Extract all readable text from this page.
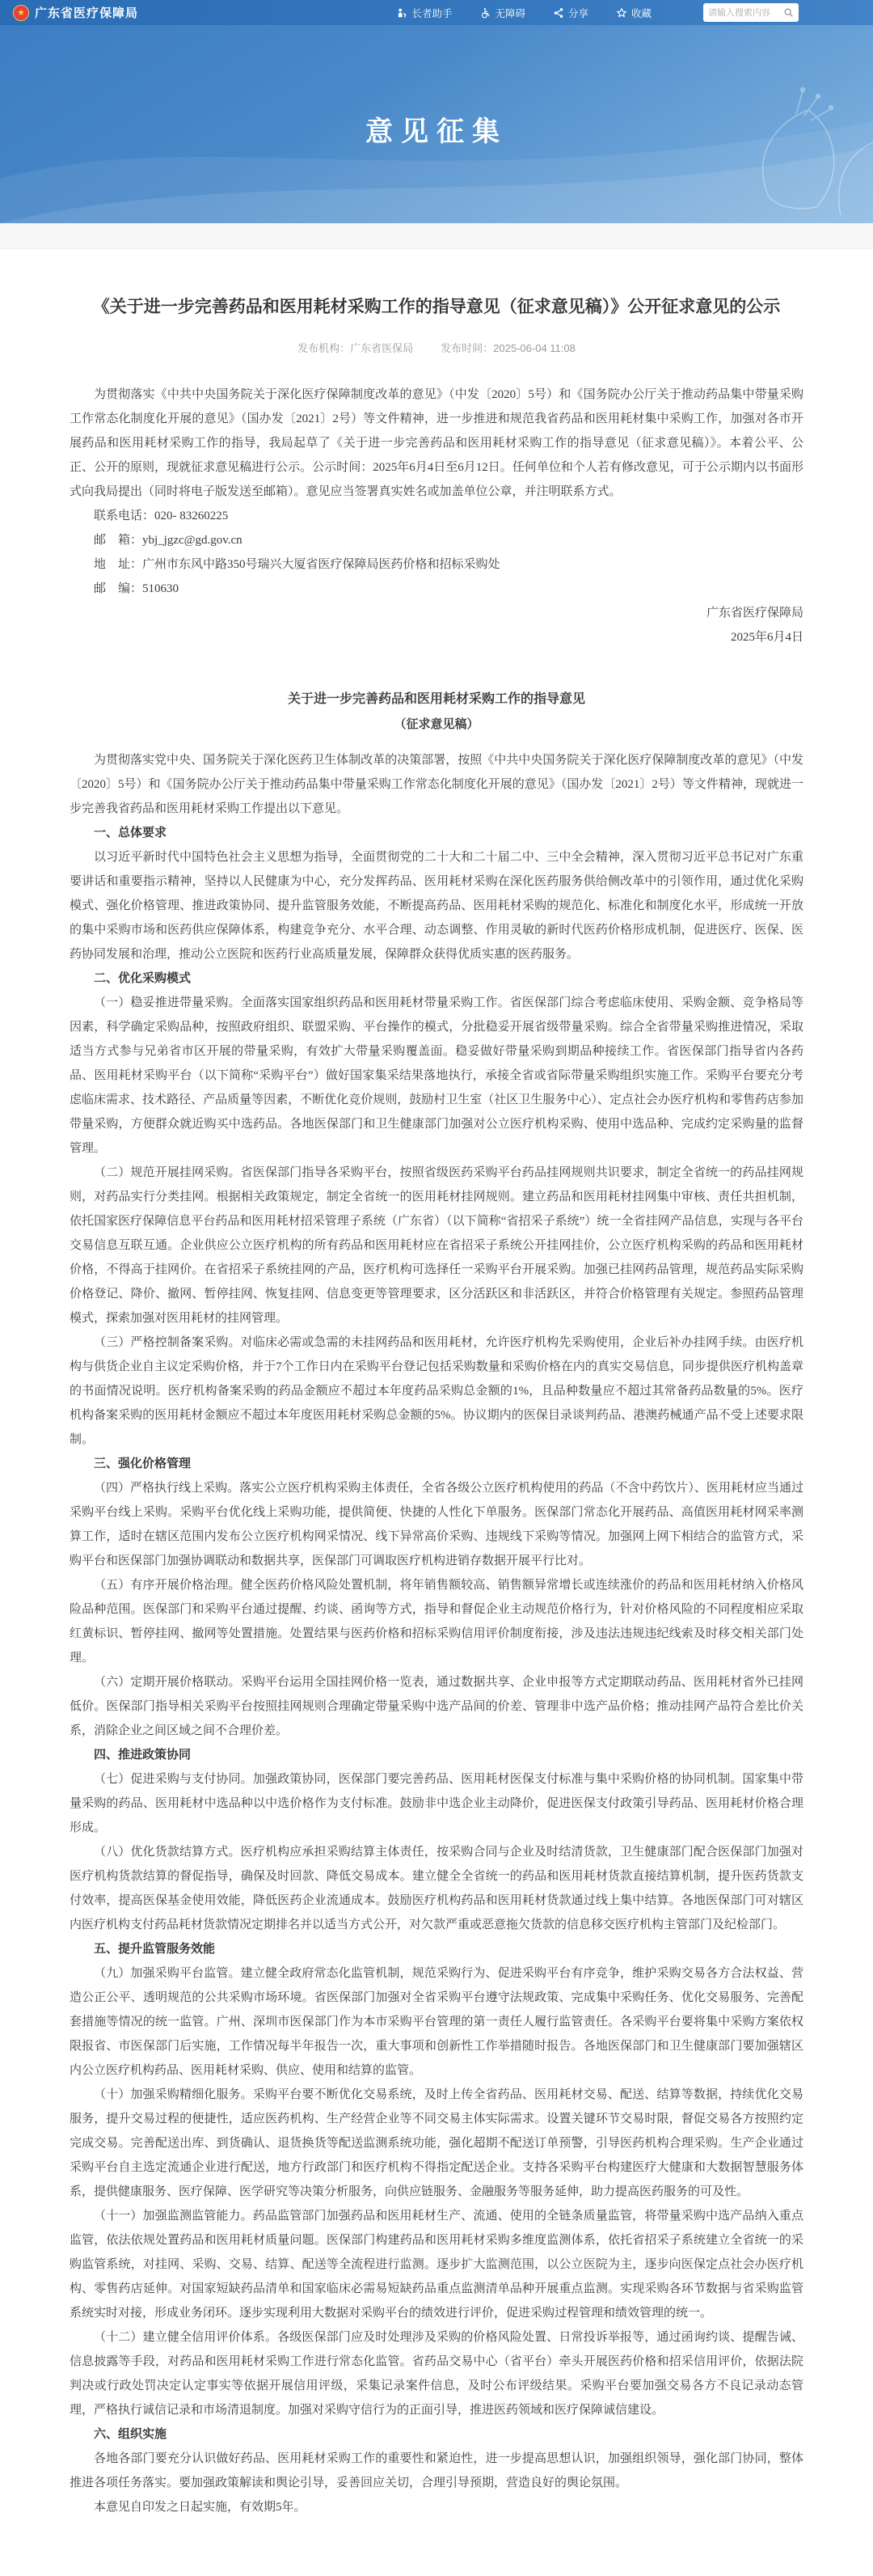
★ 广东省医疗保障局	长者助手	无障碍	分享	收藏
请输入搜索内容
意见征集
《关于进一步完善药品和医用耗材采购工作的指导意见（征求意见稿）》公开征求意见的公示
发布机构：广东省医保局	发布时间：2025-06-04 11:08

为贯彻落实《中共中央国务院关于深化医疗保障制度改革的意见》（中发〔2020〕5号）和《国务院办公厅关于推动药品集中带量采购工作常态化制度化开展的意见》（国办发〔2021〕2号）等文件精神，进一步推进和规范我省药品和医用耗材集中采购工作，加强对各市开展药品和医用耗材采购工作的指导，我局起草了《关于进一步完善药品和医用耗材采购工作的指导意见（征求意见稿）》。本着公平、公正、公开的原则，现就征求意见稿进行公示。公示时间：2025年6月4日至6月12日。任何单位和个人若有修改意见，可于公示期内以书面形式向我局提出（同时将电子版发送至邮箱）。意见应当签署真实姓名或加盖单位公章，并注明联系方式。

联系电话：020- 83260225

邮　箱：ybj_jgzc@gd.gov.cn

地　址：广州市东风中路350号瑞兴大厦省医疗保障局医药价格和招标采购处

邮　编：510630

广东省医疗保障局

2025年6月4日

关于进一步完善药品和医用耗材采购工作的指导意见

（征求意见稿）

为贯彻落实党中央、国务院关于深化医药卫生体制改革的决策部署，按照《中共中央国务院关于深化医疗保障制度改革的意见》（中发〔2020〕5号）和《国务院办公厅关于推动药品集中带量采购工作常态化制度化开展的意见》（国办发〔2021〕2号）等文件精神，现就进一步完善我省药品和医用耗材采购工作提出以下意见。

一、总体要求

以习近平新时代中国特色社会主义思想为指导，全面贯彻党的二十大和二十届二中、三中全会精神，深入贯彻习近平总书记对广东重要讲话和重要指示精神，坚持以人民健康为中心，充分发挥药品、医用耗材采购在深化医药服务供给侧改革中的引领作用，通过优化采购模式、强化价格管理、推进政策协同、提升监管服务效能，不断提高药品、医用耗材采购的规范化、标准化和制度化水平，形成统一开放的集中采购市场和医药供应保障体系，构建竞争充分、水平合理、动态调整、作用灵敏的新时代医药价格形成机制，促进医疗、医保、医药协同发展和治理，推动公立医院和医药行业高质量发展，保障群众获得优质实惠的医药服务。

二、优化采购模式

（一）稳妥推进带量采购。全面落实国家组织药品和医用耗材带量采购工作。省医保部门综合考虑临床使用、采购金额、竞争格局等因素，科学确定采购品种，按照政府组织、联盟采购、平台操作的模式，分批稳妥开展省级带量采购。综合全省带量采购推进情况，采取适当方式参与兄弟省市区开展的带量采购，有效扩大带量采购覆盖面。稳妥做好带量采购到期品种接续工作。省医保部门指导省内各药品、医用耗材采购平台（以下简称“采购平台”）做好国家集采结果落地执行，承接全省或省际带量采购组织实施工作。采购平台要充分考虑临床需求、技术路径、产品质量等因素，不断优化竞价规则，鼓励村卫生室（社区卫生服务中心）、定点社会办医疗机构和零售药店参加带量采购，方便群众就近购买中选药品。各地医保部门和卫生健康部门加强对公立医疗机构采购、使用中选品种、完成约定采购量的监督管理。

（二）规范开展挂网采购。省医保部门指导各采购平台，按照省级医药采购平台药品挂网规则共识要求，制定全省统一的药品挂网规则，对药品实行分类挂网。根据相关政策规定，制定全省统一的医用耗材挂网规则。建立药品和医用耗材挂网集中审核、责任共担机制，依托国家医疗保障信息平台药品和医用耗材招采管理子系统（广东省）（以下简称“省招采子系统”）统一全省挂网产品信息，实现与各平台交易信息互联互通。企业供应公立医疗机构的所有药品和医用耗材应在省招采子系统公开挂网挂价，公立医疗机构采购的药品和医用耗材价格，不得高于挂网价。在省招采子系统挂网的产品，医疗机构可选择任一采购平台开展采购。加强已挂网药品管理，规范药品实际采购价格登记、降价、撤网、暂停挂网、恢复挂网、信息变更等管理要求，区分活跃区和非活跃区，并符合价格管理有关规定。参照药品管理模式，探索加强对医用耗材的挂网管理。

（三）严格控制备案采购。对临床必需或急需的未挂网药品和医用耗材，允许医疗机构先采购使用，企业后补办挂网手续。由医疗机构与供货企业自主议定采购价格，并于7个工作日内在采购平台登记包括采购数量和采购价格在内的真实交易信息，同步提供医疗机构盖章的书面情况说明。医疗机构备案采购的药品金额应不超过本年度药品采购总金额的1%，且品种数量应不超过其常备药品数量的5%。医疗机构备案采购的医用耗材金额应不超过本年度医用耗材采购总金额的5%。协议期内的医保目录谈判药品、港澳药械通产品不受上述要求限制。

三、强化价格管理

（四）严格执行线上采购。落实公立医疗机构采购主体责任，全省各级公立医疗机构使用的药品（不含中药饮片）、医用耗材应当通过采购平台线上采购。采购平台优化线上采购功能，提供简便、快捷的人性化下单服务。医保部门常态化开展药品、高值医用耗材网采率测算工作，适时在辖区范围内发布公立医疗机构网采情况、线下异常高价采购、违规线下采购等情况。加强网上网下相结合的监管方式，采购平台和医保部门加强协调联动和数据共享，医保部门可调取医疗机构进销存数据开展平行比对。

（五）有序开展价格治理。健全医药价格风险处置机制，将年销售额较高、销售额异常增长或连续涨价的药品和医用耗材纳入价格风险品种范围。医保部门和采购平台通过提醒、约谈、函询等方式，指导和督促企业主动规范价格行为，针对价格风险的不同程度相应采取红黄标识、暂停挂网、撤网等处置措施。处置结果与医药价格和招标采购信用评价制度衔接，涉及违法违规违纪线索及时移交相关部门处理。

（六）定期开展价格联动。采购平台运用全国挂网价格一览表，通过数据共享、企业申报等方式定期联动药品、医用耗材省外已挂网低价。医保部门指导相关采购平台按照挂网规则合理确定带量采购中选产品间的价差、管理非中选产品价格；推动挂网产品符合差比价关系，消除企业之间区域之间不合理价差。

四、推进政策协同

（七）促进采购与支付协同。加强政策协同，医保部门要完善药品、医用耗材医保支付标准与集中采购价格的协同机制。国家集中带量采购的药品、医用耗材中选品种以中选价格作为支付标准。鼓励非中选企业主动降价，促进医保支付政策引导药品、医用耗材价格合理形成。

（八）优化货款结算方式。医疗机构应承担采购结算主体责任，按采购合同与企业及时结清货款，卫生健康部门配合医保部门加强对医疗机构货款结算的督促指导，确保及时回款、降低交易成本。建立健全全省统一的药品和医用耗材货款直接结算机制，提升医药货款支付效率，提高医保基金使用效能，降低医药企业流通成本。鼓励医疗机构药品和医用耗材货款通过线上集中结算。各地医保部门可对辖区内医疗机构支付药品耗材货款情况定期排名并以适当方式公开，对欠款严重或恶意拖欠货款的信息移交医疗机构主管部门及纪检部门。

五、提升监管服务效能

（九）加强采购平台监管。建立健全政府常态化监管机制，规范采购行为、促进采购平台有序竞争，维护采购交易各方合法权益、营造公正公平、透明规范的公共采购市场环境。省医保部门加强对全省采购平台遵守法规政策、完成集中采购任务、优化交易服务、完善配套措施等情况的统一监管。广州、深圳市医保部门作为本市采购平台管理的第一责任人履行监管责任。各采购平台要将集中采购方案依权限报省、市医保部门后实施，工作情况每半年报告一次，重大事项和创新性工作举措随时报告。各地医保部门和卫生健康部门要加强辖区内公立医疗机构药品、医用耗材采购、供应、使用和结算的监管。

（十）加强采购精细化服务。采购平台要不断优化交易系统，及时上传全省药品、医用耗材交易、配送、结算等数据，持续优化交易服务，提升交易过程的便捷性，适应医药机构、生产经营企业等不同交易主体实际需求。设置关键环节交易时限，督促交易各方按照约定完成交易。完善配送出库、到货确认、退货换货等配送监测系统功能，强化超期不配送订单预警，引导医药机构合理采购。生产企业通过采购平台自主选定流通企业进行配送，地方行政部门和医疗机构不得指定配送企业。支持各采购平台构建医疗大健康和大数据智慧服务体系，提供健康服务、医疗保障、医学研究等决策分析服务，向供应链服务、金融服务等服务延伸，助力提高医药服务的可及性。

（十一）加强监测监管能力。药品监管部门加强药品和医用耗材生产、流通、使用的全链条质量监管，将带量采购中选产品纳入重点监管，依法依规处置药品和医用耗材质量问题。医保部门构建药品和医用耗材采购多维度监测体系，依托省招采子系统建立全省统一的采购监管系统，对挂网、采购、交易、结算、配送等全流程进行监测。逐步扩大监测范围，以公立医院为主，逐步向医保定点社会办医疗机构、零售药店延伸。对国家短缺药品清单和国家临床必需易短缺药品重点监测清单品种开展重点监测。实现采购各环节数据与省采购监管系统实时对接，形成业务闭环。逐步实现利用大数据对采购平台的绩效进行评价，促进采购过程管理和绩效管理的统一。

（十二）建立健全信用评价体系。各级医保部门应及时处理涉及采购的价格风险处置、日常投诉举报等，通过函询约谈、提醒告诫、信息披露等手段，对药品和医用耗材采购工作进行常态化监管。省药品交易中心（省平台）牵头开展医药价格和招采信用评价，依据法院判决或行政处罚决定认定事实等依据开展信用评级，采集记录案件信息，及时公布评级结果。采购平台要加强交易各方不良记录动态管理，严格执行诚信记录和市场清退制度。加强对采购守信行为的正面引导，推进医药领域和医疗保障诚信建设。

六、组织实施

各地各部门要充分认识做好药品、医用耗材采购工作的重要性和紧迫性，进一步提高思想认识，加强组织领导，强化部门协同，整体推进各项任务落实。要加强政策解读和舆论引导，妥善回应关切，合理引导预期，营造良好的舆论氛围。

本意见自印发之日起实施，有效期5年。
